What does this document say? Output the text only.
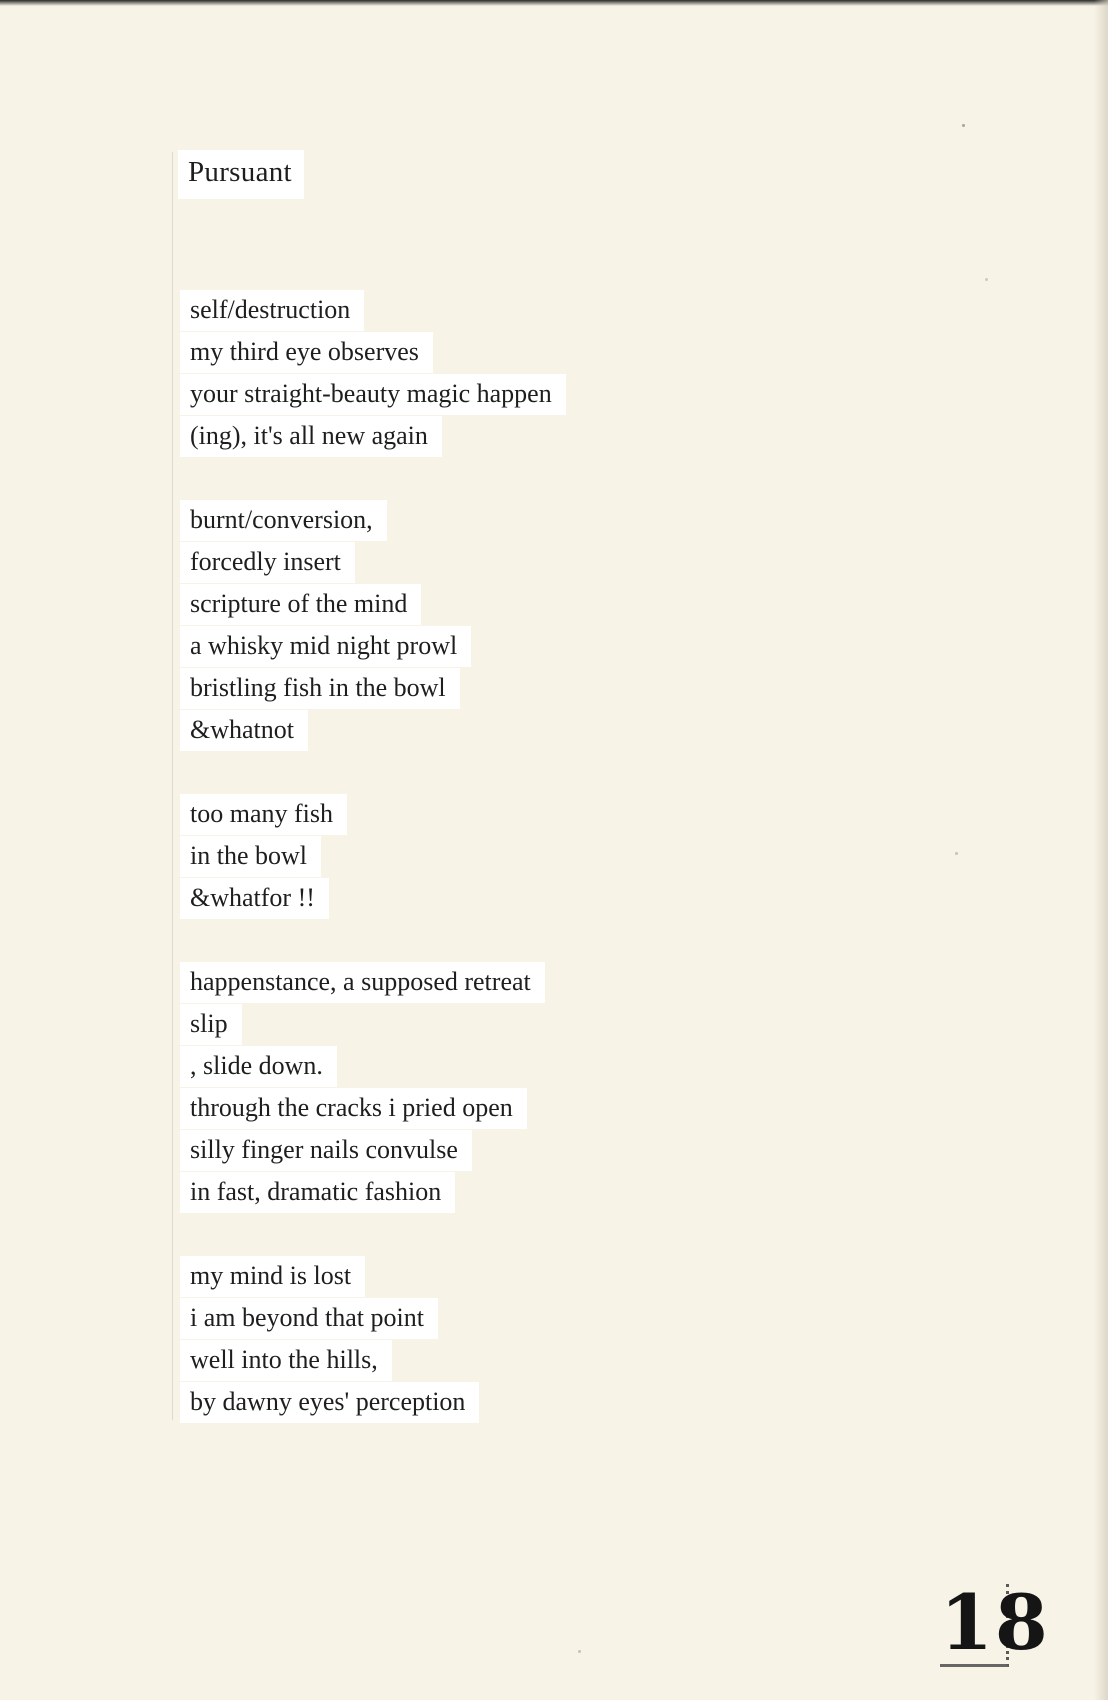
Pursuant
self/destruction
my third eye observes
your straight-beauty magic happen
(ing), it's all new again
burnt/conversion,
forcedly insert
scripture of the mind
a whisky mid night prowl
bristling fish in the bowl
&whatnot
too many fish
in the bowl
&whatfor !!
happenstance, a supposed retreat
slip
, slide down.
through the cracks i pried open
silly finger nails convulse
in fast, dramatic fashion
my mind is lost
i am beyond that point
well into the hills,
by dawny eyes' perception
18
